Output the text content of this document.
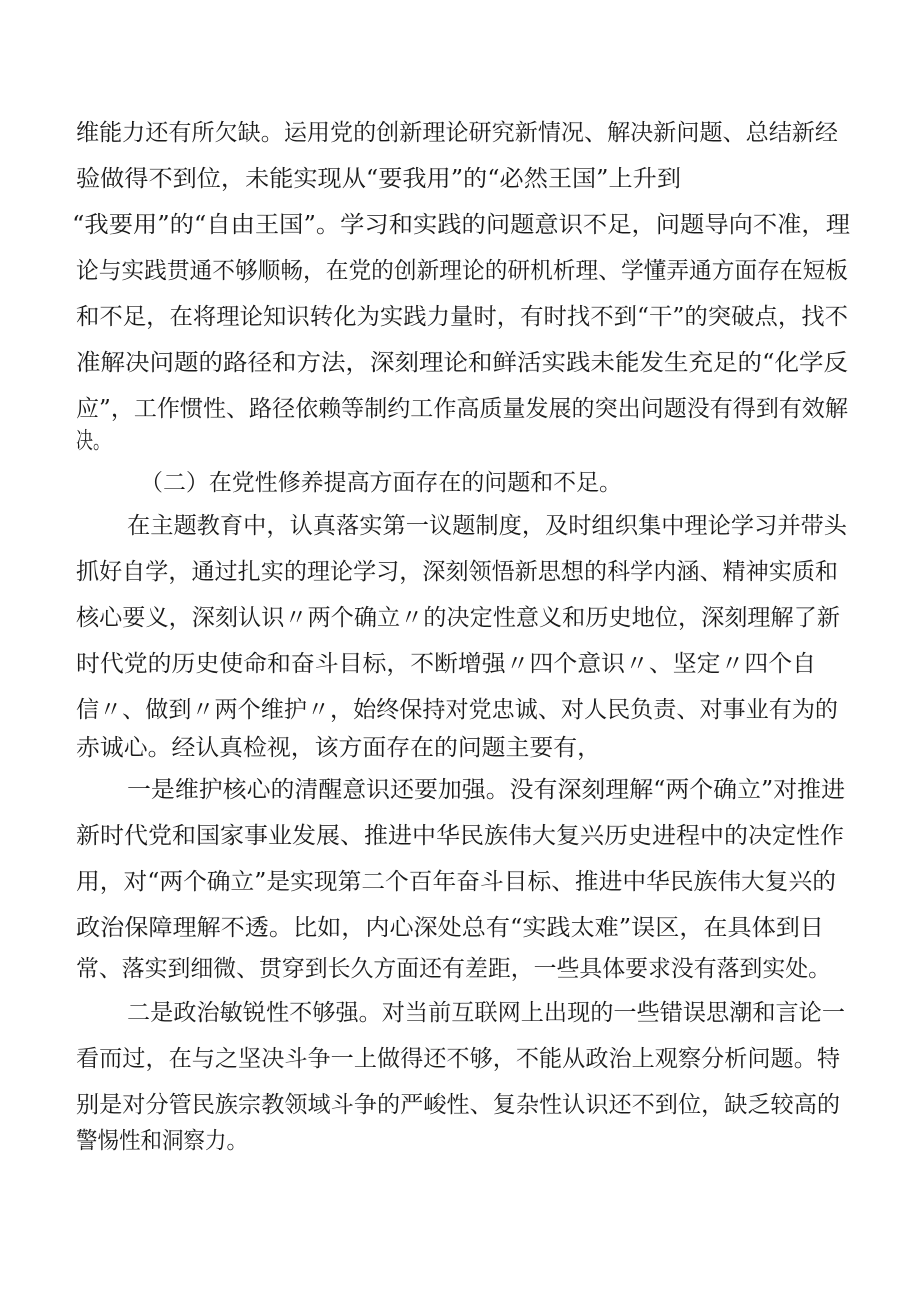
维能力还有所欠缺。运用党的创新理论研究新情况、解决新问题、总结新经
验做得不到位，未能实现从“要我用”的“必然王国”上升到
“我要用”的“自由王国”。学习和实践的问题意识不足，问题导向不准，理
论与实践贯通不够顺畅，在党的创新理论的研机析理、学懂弄通方面存在短板
和不足，在将理论知识转化为实践力量时，有时找不到“干”的突破点，找不
准解决问题的路径和方法，深刻理论和鲜活实践未能发生充足的“化学反
应”，工作惯性、路径依赖等制约工作高质量发展的突出问题没有得到有效解
决。
（二）在党性修养提高方面存在的问题和不足。
在主题教育中，认真落实第一议题制度，及时组织集中理论学习并带头
抓好自学，通过扎实的理论学习，深刻领悟新思想的科学内涵、精神实质和
核心要义，深刻认识〃两个确立〃的决定性意义和历史地位，深刻理解了新
时代党的历史使命和奋斗目标，不断增强〃四个意识〃、坚定〃四个自
信〃、做到〃两个维护〃，始终保持对党忠诚、对人民负责、对事业有为的
赤诚心。经认真检视，该方面存在的问题主要有，
一是维护核心的清醒意识还要加强。没有深刻理解“两个确立”对推进
新时代党和国家事业发展、推进中华民族伟大复兴历史进程中的决定性作
用，对“两个确立”是实现第二个百年奋斗目标、推进中华民族伟大复兴的
政治保障理解不透。比如，内心深处总有“实践太难”误区，在具体到日
常、落实到细微、贯穿到长久方面还有差距，一些具体要求没有落到实处。
二是政治敏锐性不够强。对当前互联网上出现的一些错误思潮和言论一
看而过，在与之坚决斗争一上做得还不够，不能从政治上观察分析问题。特
别是对分管民族宗教领域斗争的严峻性、复杂性认识还不到位，缺乏较高的
警惕性和洞察力。
